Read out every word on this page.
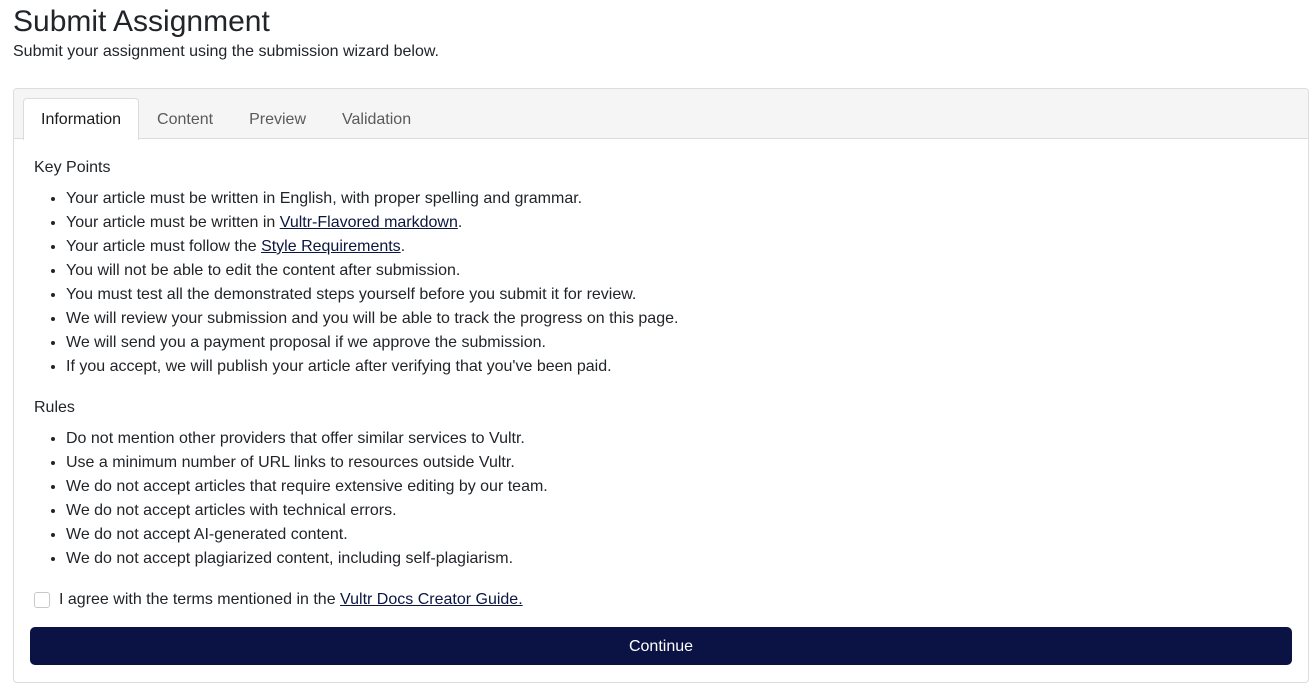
Submit Assignment

Submit your assignment using the submission wizard below.

Information	Content	Preview	Validation
Key Points
• Your article must be written in English, with proper spelling and grammar.
• Your article must be written in Vultr-Flavored markdown.
• Your article must follow the Style Requirements.
• You will not be able to edit the content after submission.
• You must test all the demonstrated steps yourself before you submit it for review.
• We will review your submission and you will be able to track the progress on this page.
• We will send you a payment proposal if we approve the submission.
• If you accept, we will publish your article after verifying that you've been paid.
Rules
• Do not mention other providers that offer similar services to Vultr.
• Use a minimum number of URL links to resources outside Vultr.
• We do not accept articles that require extensive editing by our team.
• We do not accept articles with technical errors.
• We do not accept AI-generated content.
• We do not accept plagiarized content, including self-plagiarism.
I agree with the terms mentioned in the Vultr Docs Creator Guide.
Continue
